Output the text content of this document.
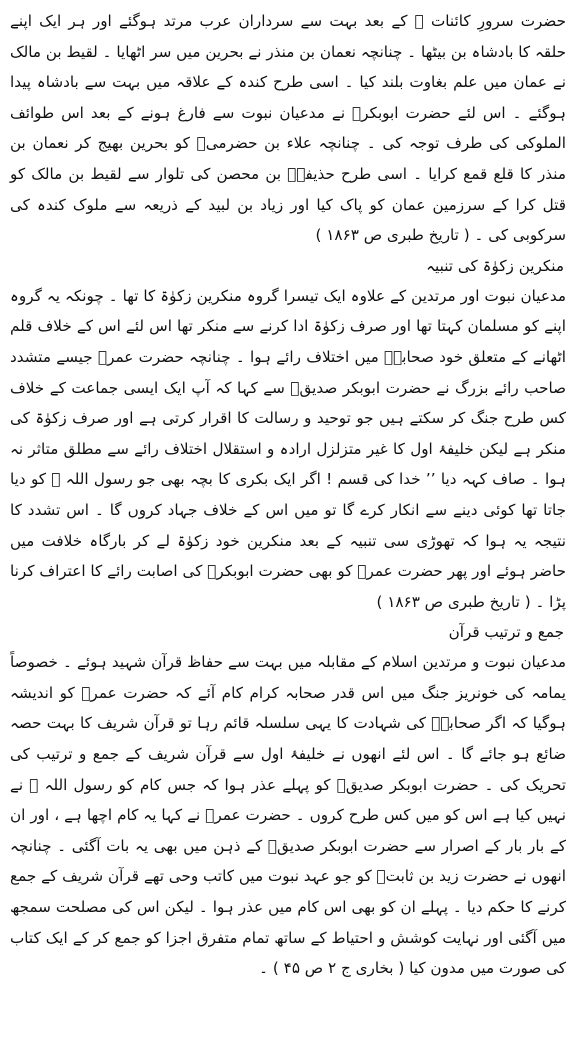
حضرت سرورِ کائنات ﷺ کے بعد بہت سے سرداران عرب مرتد ہوگئے اور ہر ایک اپنے حلقہ کا بادشاہ بن بیٹھا ۔ چنانچہ نعمان بن منذر نے بحرین میں سر اٹھایا ۔ لقیط بن مالک نے عمان میں علم بغاوت بلند کیا ۔ اسی طرح کندہ کے علاقہ میں بہت سے بادشاہ پیدا ہوگئے ۔ اس لئے حضرت ابوبکرؓ نے مدعیان نبوت سے فارغ ہونے کے بعد اس طوائف الملوکی کی طرف توجہ کی ۔ چنانچہ علاء بن حضرمیؓ کو بحرین بھیج کر نعمان بن منذر کا قلع قمع کرایا ۔ اسی طرح حذیفہؓ بن محصن کی تلوار سے لقیط بن مالک کو قتل کرا کے سرزمین عمان کو پاک کیا اور زیاد بن لبید کے ذریعہ سے ملوک کندہ کی سرکوبی کی ۔ ( تاریخ طبری ص ۱۸۶۳ )

منکرین زکوٰۃ کی تنبیہ

مدعیان نبوت اور مرتدین کے علاوہ ایک تیسرا گروہ منکرین زکوٰۃ کا تھا ۔ چونکہ یہ گروہ اپنے کو مسلمان کہتا تھا اور صرف زکوٰۃ ادا کرنے سے منکر تھا اس لئے اس کے خلاف قلم اٹھانے کے متعلق خود صحابہؓ میں اختلاف رائے ہوا ۔ چنانچہ حضرت عمرؓ جیسے متشدد صاحب رائے بزرگ نے حضرت ابوبکر صدیقؓ سے کہا کہ آپ ایک ایسی جماعت کے خلاف کس طرح جنگ کر سکتے ہیں جو توحید و رسالت کا اقرار کرتی ہے اور صرف زکوٰۃ کی منکر ہے لیکن خلیفۂ اول کا غیر متزلزل ارادہ و استقلال اختلاف رائے سے مطلق متاثر نہ ہوا ۔ صاف کہہ دیا ’’ خدا کی قسم ! اگر ایک بکری کا بچہ بھی جو رسول اللہ ﷺ کو دیا جاتا تھا کوئی دینے سے انکار کرے گا تو میں اس کے خلاف جہاد کروں گا ۔ اس تشدد کا نتیجہ یہ ہوا کہ تھوڑی سی تنبیہ کے بعد منکرین خود زکوٰۃ لے کر بارگاہ خلافت میں حاضر ہوئے اور پھر حضرت عمرؓ کو بھی حضرت ابوبکرؓ کی اصابت رائے کا اعتراف کرنا پڑا ۔ ( تاریخ طبری ص ۱۸۶۳ )

جمع و ترتیب قرآن

مدعیان نبوت و مرتدین اسلام کے مقابلہ میں بہت سے حفاظ قرآن شہید ہوئے ۔ خصوصاً یمامہ کی خونریز جنگ میں اس قدر صحابہ کرام کام آئے کہ حضرت عمرؓ کو اندیشہ ہوگیا کہ اگر صحابہؓ کی شہادت کا یہی سلسلہ قائم رہا تو قرآن شریف کا بہت حصہ ضائع ہو جائے گا ۔ اس لئے انھوں نے خلیفۂ اول سے قرآن شریف کے جمع و ترتیب کی تحریک کی ۔ حضرت ابوبکر صدیقؓ کو پہلے عذر ہوا کہ جس کام کو رسول اللہ ﷺ نے نہیں کیا ہے اس کو میں کس طرح کروں ۔ حضرت عمرؓ نے کہا یہ کام اچھا ہے ، اور ان کے بار بار کے اصرار سے حضرت ابوبکر صدیقؓ کے ذہن میں بھی یہ بات آگئی ۔ چنانچہ انھوں نے حضرت زید بن ثابتؓ کو جو عہد نبوت میں کاتب وحی تھے قرآن شریف کے جمع کرنے کا حکم دیا ۔ پہلے ان کو بھی اس کام میں عذر ہوا ۔ لیکن اس کی مصلحت سمجھ میں آگئی اور نہایت کوشش و احتیاط کے ساتھ تمام متفرق اجزا کو جمع کر کے ایک کتاب کی صورت میں مدون کیا ( بخاری ج ۲ ص ۴۵ ) ۔
